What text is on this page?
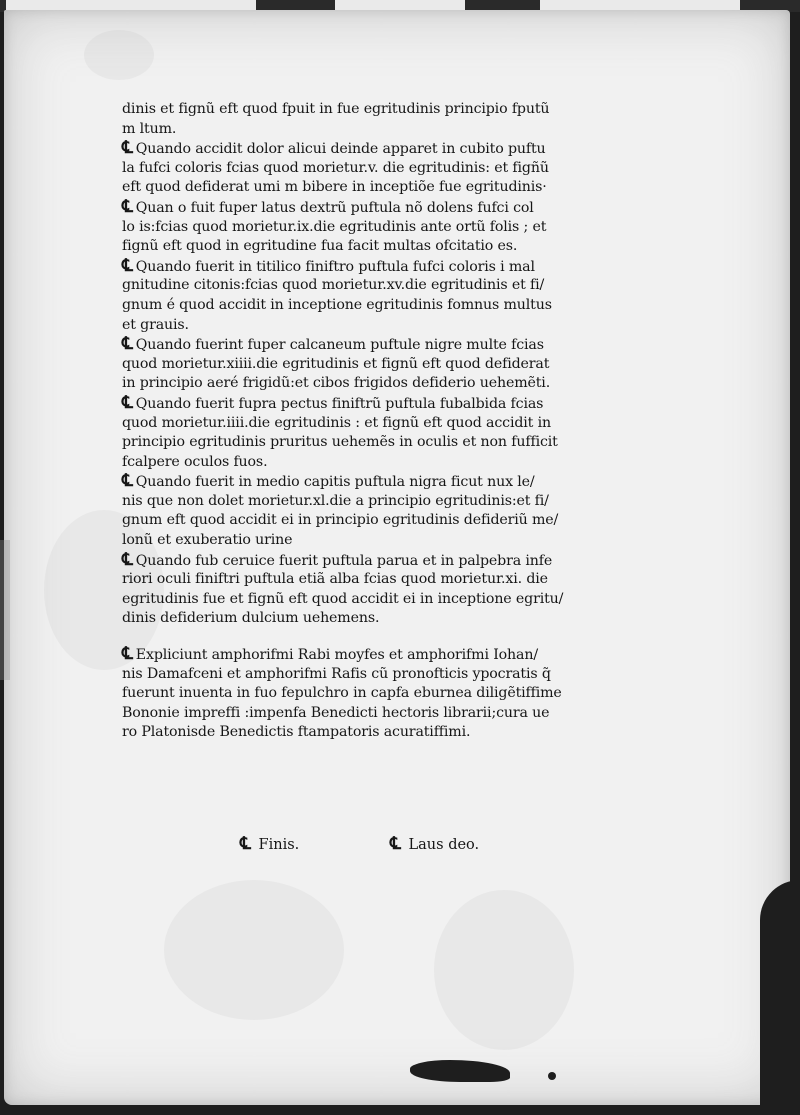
dinis et fignũ eft quod fpuit in fue egritudinis principio fputũ
m ltum.
℄ Quando accidit dolor alicui deinde apparet in cubito puftu
la fufci coloris fcias quod morietur.v. die egritudinis: et figñũ
eft quod defiderat umi m bibere in inceptiõe fue egritudinis·
℄ Quan o fuit fuper latus dextrũ puftula nõ dolens fufci col
lo is:fcias quod morietur.ix.die egritudinis ante ortũ folis ; et
fignũ eft quod in egritudine fua facit multas ofcitatio es.
℄ Quando fuerit in titilico finiftro puftula fufci coloris i mal
gnitudine citonis:fcias quod morietur.xv.die egritudinis et fi/
gnum é quod accidit in inceptione egritudinis fomnus multus
et grauis.
℄ Quando fuerint fuper calcaneum puftule nigre multe fcias
quod morietur.xiiii.die egritudinis et fignũ eft quod defiderat
in principio aeré frigidũ:et cibos frigidos defiderio uehemẽti.
℄ Quando fuerit fupra pectus finiftrũ puftula fubalbida fcias
quod morietur.iiii.die egritudinis : et fignũ eft quod accidit in
principio egritudinis pruritus uehemẽs in oculis et non fufficit
fcalpere oculos fuos.
℄ Quando fuerit in medio capitis puftula nigra ficut nux le/
nis que non dolet morietur.xl.die a principio egritudinis:et fi/
gnum eft quod accidit ei in principio egritudinis defideriũ me/
lonũ et exuberatio urine
℄ Quando fub ceruice fuerit puftula parua et in palpebra infe
riori oculi finiftri puftula etiã alba fcias quod morietur.xi. die
egritudinis fue et fignũ eft quod accidit ei in inceptione egritu/
dinis defiderium dulcium uehemens.
℄ Expliciunt amphorifmi Rabi moyfes et amphorifmi Iohan/
nis Damafceni et amphorifmi Rafis cũ pronofticis ypocratis q̃
fuerunt inuenta in fuo fepulchro in capfa eburnea diligẽtiffime
Bononie impreffi :impenfa Benedicti hectoris librarii;cura ue
ro Platonisde Benedictis ftampatoris acuratiffimi.
℄ Finis.	℄ Laus deo.
